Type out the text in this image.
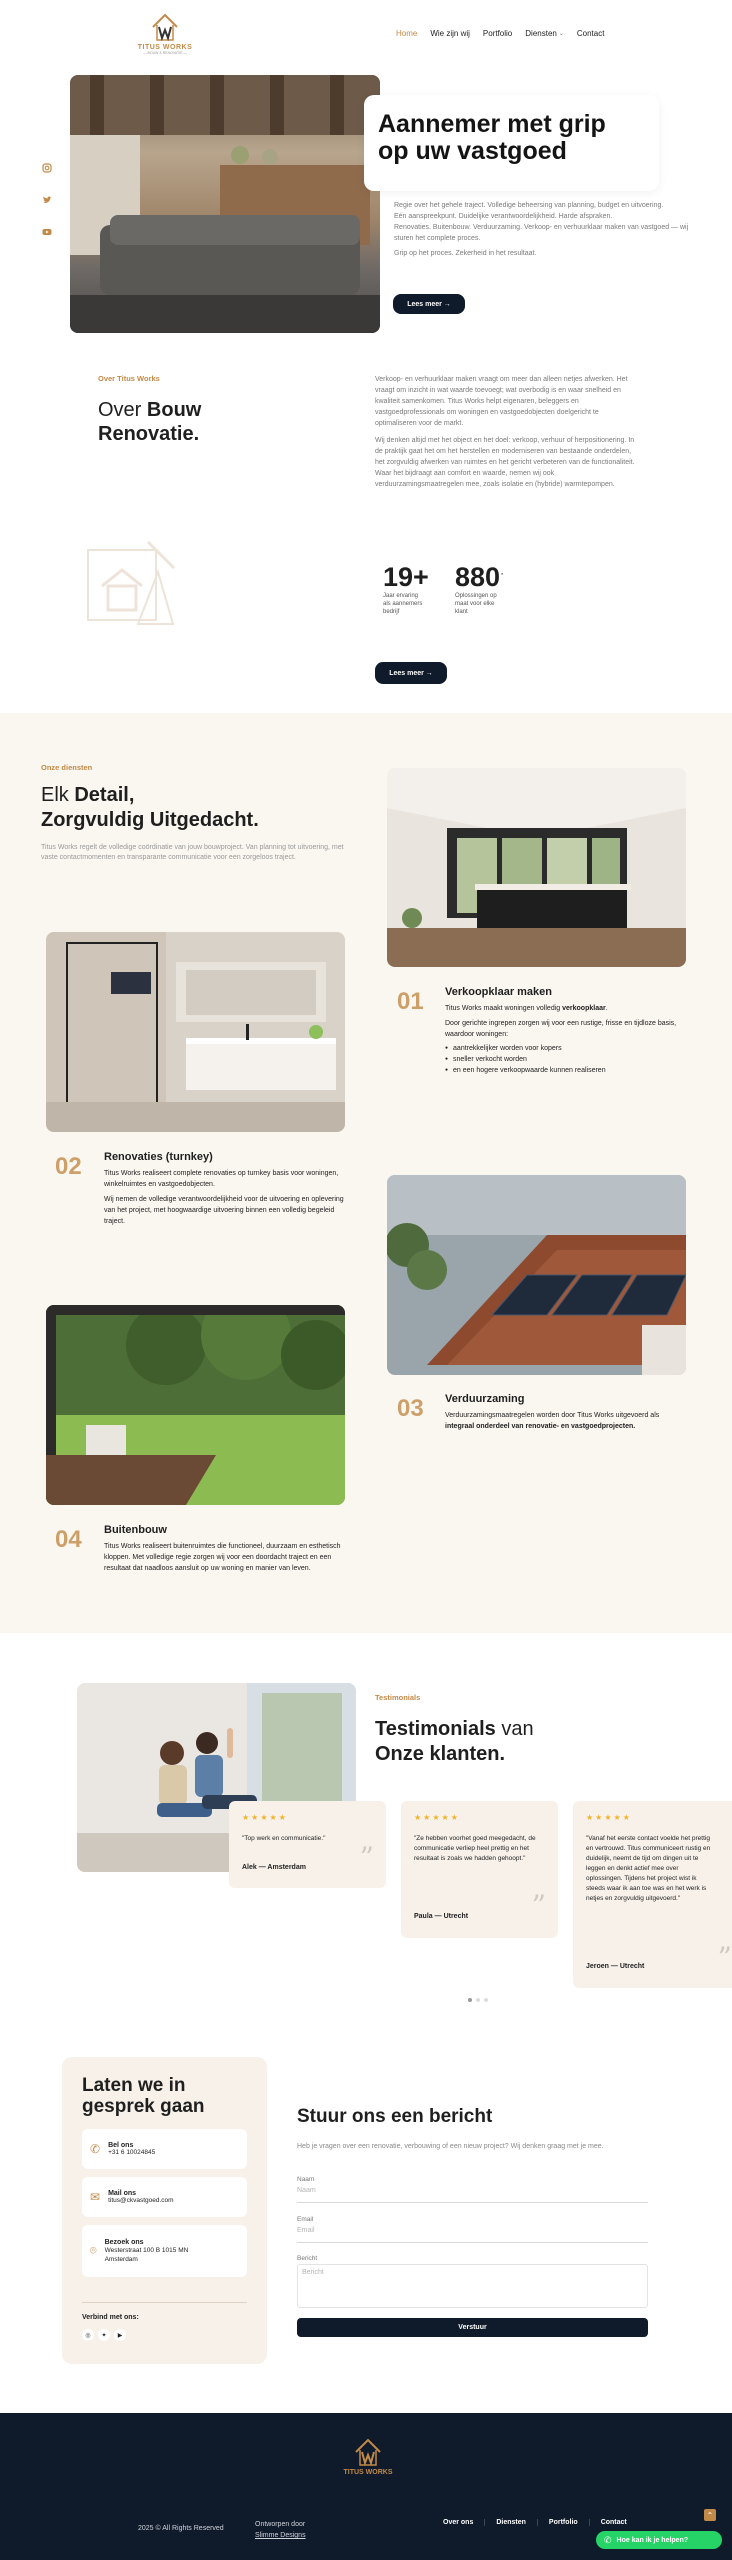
TITUS WORKS
— BOUW & RENOVATIE —
Home Wie zijn wij Portfolio Diensten ⌄ Contact
Aannemer met grip op uw vastgoed

Regie over het gehele traject. Volledige beheersing van planning, budget en uitvoering.

Eén aanspreekpunt. Duidelijke verantwoordelijkheid. Harde afspraken.

Renovaties. Buitenbouw. Verduurzaming. Verkoop- en verhuurklaar maken van vastgoed — wij sturen het complete proces.

Grip op het proces. Zekerheid in het resultaat.

Lees meer →
Over Titus Works
Over Bouw Renovatie.

Verkoop- en verhuurklaar maken vraagt om meer dan alleen netjes afwerken. Het vraagt om inzicht in wat waarde toevoegt; wat overbodig is en waar snelheid en kwaliteit samenkomen. Titus Works helpt eigenaren, beleggers en vastgoedprofessionals om woningen en vastgoedobjecten doelgericht te optimaliseren voor de markt.

Wij denken altijd met het object en het doel: verkoop, verhuur of herpositionering. In de praktijk gaat het om het herstellen en moderniseren van bestaande onderdelen, het zorgvuldig afwerken van ruimtes en het gericht verbeteren van de functionaliteit. Waar het bijdraagt aan comfort en waarde, nemen wij ook verduurzamingsmaatregelen mee, zoals isolatie en (hybride) warmtepompen.

19+
Jaar ervaring als aannemers bedrijf
880 ·
Oplossingen op maat voor elke klant
Lees meer →
Onze diensten
Elk Detail,
Zorgvuldig Uitgedacht.

Titus Works regelt de volledige coördinatie van jouw bouwproject. Van planning tot uitvoering, met vaste contactmomenten en transparante communicatie voor een zorgeloos traject.

01 Verkoopklaar maken

Titus Works maakt woningen volledig verkoopklaar.

Door gerichte ingrepen zorgen wij voor een rustige, frisse en tijdloze basis, waardoor woningen:

● aantrekkelijker worden voor kopers
● sneller verkocht worden
● en een hogere verkoopwaarde kunnen realiseren
02 Renovaties (turnkey)

Titus Works realiseert complete renovaties op turnkey basis voor woningen, winkelruimtes en vastgoedobjecten.

Wij nemen de volledige verantwoordelijkheid voor de uitvoering en oplevering van het project, met hoogwaardige uitvoering binnen een volledig begeleid traject.

03 Verduurzaming

Verduurzamingsmaatregelen worden door Titus Works uitgevoerd als integraal onderdeel van renovatie- en vastgoedprojecten.

04 Buitenbouw

Titus Works realiseert buitenruimtes die functioneel, duurzaam en esthetisch kloppen. Met volledige regie zorgen wij voor een doordacht traject en een resultaat dat naadloos aansluit op uw woning en manier van leven.

Testimonials
Testimonials van
Onze klanten.
★★★★★

"Top werk en communicatie."

Alek — Amsterdam ”
★★★★★

"Ze hebben voorhet goed meegedacht, de communicatie verliep heel prettig en het resultaat is zoals we hadden gehoopt."

Paula — Utrecht ”
★★★★★

"Vanaf het eerste contact voelde het prettig en vertrouwd. Titus communiceert rustig en duidelijk, neemt de tijd om dingen uit te leggen en denkt actief mee over oplossingen. Tijdens het project wist ik steeds waar ik aan toe was en het werk is netjes en zorgvuldig uitgevoerd."

Jeroen — Utrecht	”
Laten we in gesprek gaan
✆ Bel ons
+31 6 10024845
✉ Mail ons
titus@ckvastgoed.com
⌾
Bezoek ons
Westerstraat 100 B 1015 MN Amsterdam
Verbind met ons:
◎	✦	▶
Stuur ons een bericht

Heb je vragen over een renovatie, verbouwing of een nieuw project? Wij denken graag met je mee.

Naam
Naam
Email
Email
Bericht
Bericht
Verstuur
TITUS WORKS
2025 © All Rights Reserved
Ontworpen door
Slimme Designs
Over ons	Diensten	Portfolio	Contact
⌃
✆ Hoe kan ik je helpen?
